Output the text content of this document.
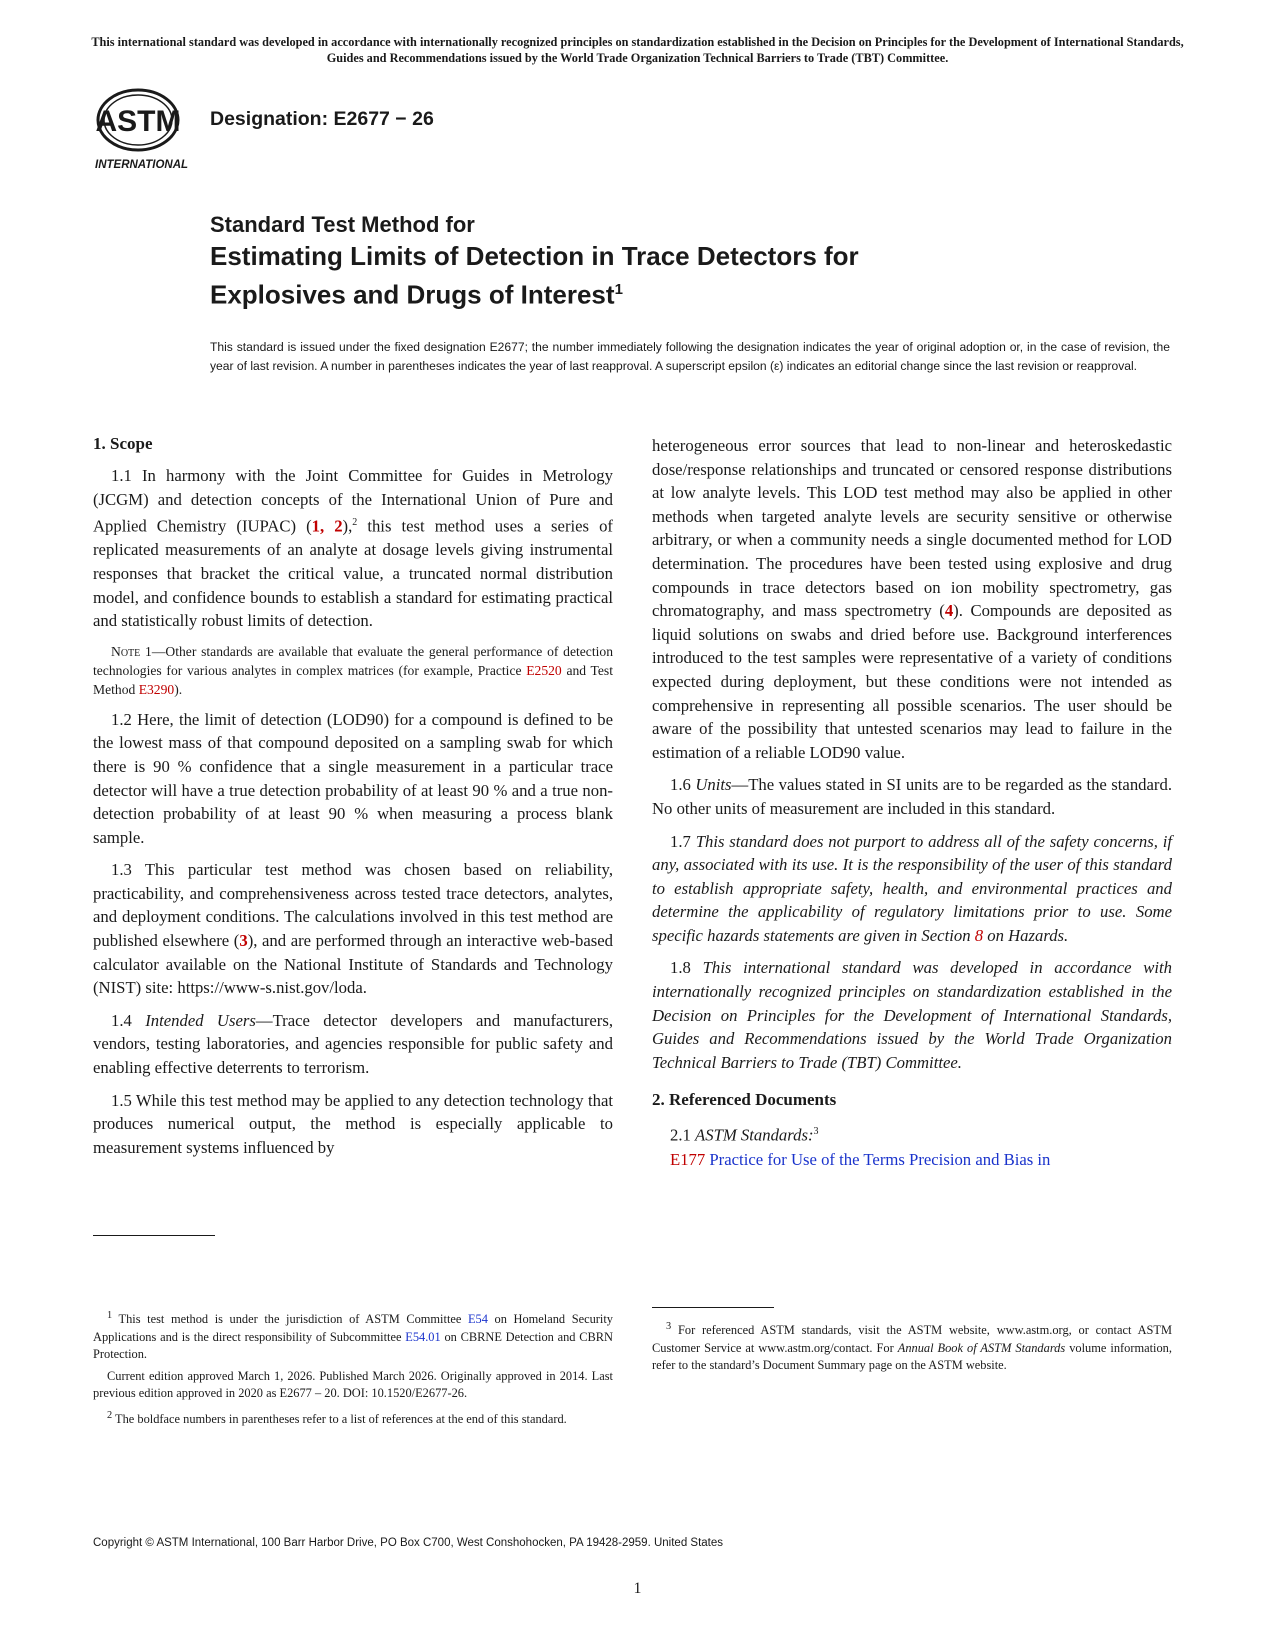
This international standard was developed in accordance with internationally recognized principles on standardization established in the Decision on Principles for the Development of International Standards, Guides and Recommendations issued by the World Trade Organization Technical Barriers to Trade (TBT) Committee.
ASTM
INTERNATIONAL
Designation: E2677 − 26
Standard Test Method for
Estimating Limits of Detection in Trace Detectors for
Explosives and Drugs of Interest$^1$
This standard is issued under the fixed designation E2677; the number immediately following the designation indicates the year of original adoption or, in the case of revision, the year of last revision. A number in parentheses indicates the year of last reapproval. A superscript epsilon (ε) indicates an editorial change since the last revision or reapproval.
1. Scope

1.1 In harmony with the Joint Committee for Guides in Metrology (JCGM) and detection concepts of the International Union of Pure and Applied Chemistry (IUPAC) (1, 2),$^2$ this test method uses a series of replicated measurements of an analyte at dosage levels giving instrumental responses that bracket the critical value, a truncated normal distribution model, and confidence bounds to establish a standard for estimating practical and statistically robust limits of detection.

Note 1—Other standards are available that evaluate the general performance of detection technologies for various analytes in complex matrices (for example, Practice E2520 and Test Method E3290).

1.2 Here, the limit of detection (LOD90) for a compound is defined to be the lowest mass of that compound deposited on a sampling swab for which there is 90 % confidence that a single measurement in a particular trace detector will have a true detection probability of at least 90 % and a true non-detection probability of at least 90 % when measuring a process blank sample.

1.3 This particular test method was chosen based on reliability, practicability, and comprehensiveness across tested trace detectors, analytes, and deployment conditions. The calculations involved in this test method are published elsewhere (3), and are performed through an interactive web-based calculator available on the National Institute of Standards and Technology (NIST) site: https://www-s.nist.gov/loda.

1.4 Intended Users—Trace detector developers and manufacturers, vendors, testing laboratories, and agencies responsible for public safety and enabling effective deterrents to terrorism.

1.5 While this test method may be applied to any detection technology that produces numerical output, the method is especially applicable to measurement systems influenced by

$^1$ This test method is under the jurisdiction of ASTM Committee E54 on Homeland Security Applications and is the direct responsibility of Subcommittee E54.01 on CBRNE Detection and CBRN Protection.

Current edition approved March 1, 2026. Published March 2026. Originally approved in 2014. Last previous edition approved in 2020 as E2677 – 20. DOI: 10.1520/E2677-26.

$^2$ The boldface numbers in parentheses refer to a list of references at the end of this standard.

heterogeneous error sources that lead to non-linear and heteroskedastic dose/response relationships and truncated or censored response distributions at low analyte levels. This LOD test method may also be applied in other methods when targeted analyte levels are security sensitive or otherwise arbitrary, or when a community needs a single documented method for LOD determination. The procedures have been tested using explosive and drug compounds in trace detectors based on ion mobility spectrometry, gas chromatography, and mass spectrometry (4). Compounds are deposited as liquid solutions on swabs and dried before use. Background interferences introduced to the test samples were representative of a variety of conditions expected during deployment, but these conditions were not intended as comprehensive in representing all possible scenarios. The user should be aware of the possibility that untested scenarios may lead to failure in the estimation of a reliable LOD90 value.

1.6 Units—The values stated in SI units are to be regarded as the standard. No other units of measurement are included in this standard.

1.7 This standard does not purport to address all of the safety concerns, if any, associated with its use. It is the responsibility of the user of this standard to establish appropriate safety, health, and environmental practices and determine the applicability of regulatory limitations prior to use. Some specific hazards statements are given in Section 8 on Hazards.

1.8 This international standard was developed in accordance with internationally recognized principles on standardization established in the Decision on Principles for the Development of International Standards, Guides and Recommendations issued by the World Trade Organization Technical Barriers to Trade (TBT) Committee.

2. Referenced Documents

2.1 ASTM Standards:$^3$

E177 Practice for Use of the Terms Precision and Bias in

$^3$ For referenced ASTM standards, visit the ASTM website, www.astm.org, or contact ASTM Customer Service at www.astm.org/contact. For Annual Book of ASTM Standards volume information, refer to the standard’s Document Summary page on the ASTM website.

Copyright © ASTM International, 100 Barr Harbor Drive, PO Box C700, West Conshohocken, PA 19428-2959. United States
1
